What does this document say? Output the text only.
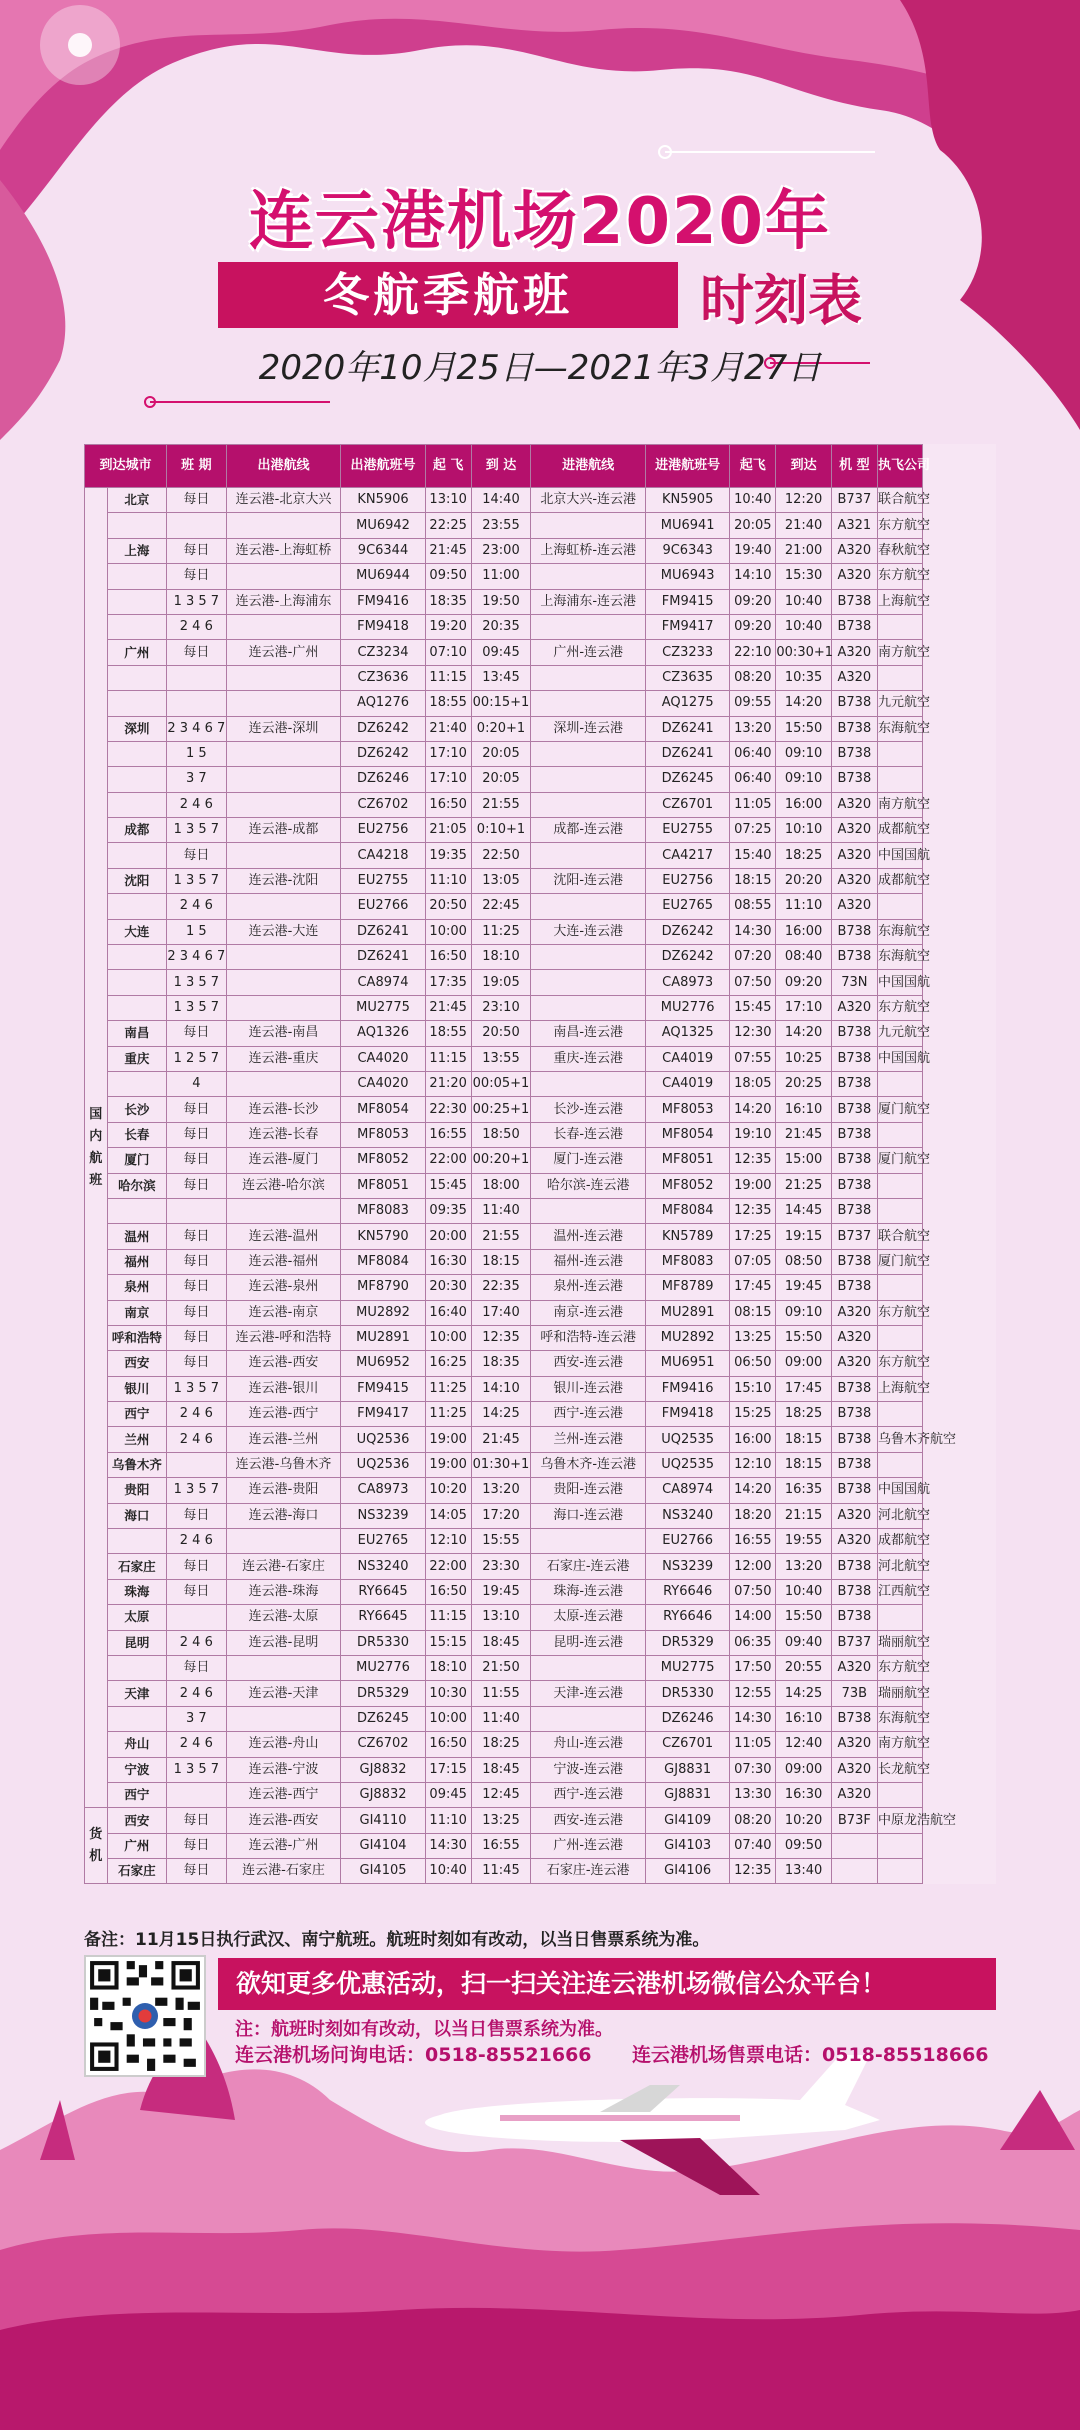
连云港机场2020年
冬航季航班	时刻表
2020年10月25日—2021年3月27日
到达城市		班 期	出港航线	出港航班号	起 飞	到 达	进港航线	进港航班号	起飞	到达	机 型	执飞公司
国内航班	北京	每日	连云港-北京大兴	KN5906	13:10	14:40	北京大兴-连云港	KN5905	10:40	12:20	B737	联合航空
				MU6942	22:25	23:55		MU6941	20:05	21:40	A321	东方航空
	上海	每日	连云港-上海虹桥	9C6344	21:45	23:00	上海虹桥-连云港	9C6343	19:40	21:00	A320	春秋航空
		每日		MU6944	09:50	11:00		MU6943	14:10	15:30	A320	东方航空
		1 3 5 7	连云港-上海浦东	FM9416	18:35	19:50	上海浦东-连云港	FM9415	09:20	10:40	B738	上海航空
		2 4 6		FM9418	19:20	20:35		FM9417	09:20	10:40	B738	
	广州	每日	连云港-广州	CZ3234	07:10	09:45	广州-连云港	CZ3233	22:10	00:30+1	A320	南方航空
				CZ3636	11:15	13:45		CZ3635	08:20	10:35	A320	
				AQ1276	18:55	00:15+1		AQ1275	09:55	14:20	B738	九元航空
	深圳	2 3 4 6 7	连云港-深圳	DZ6242	21:40	0:20+1	深圳-连云港	DZ6241	13:20	15:50	B738	东海航空
		1 5		DZ6242	17:10	20:05		DZ6241	06:40	09:10	B738	
		3 7		DZ6246	17:10	20:05		DZ6245	06:40	09:10	B738	
		2 4 6		CZ6702	16:50	21:55		CZ6701	11:05	16:00	A320	南方航空
	成都	1 3 5 7	连云港-成都	EU2756	21:05	0:10+1	成都-连云港	EU2755	07:25	10:10	A320	成都航空
		每日		CA4218	19:35	22:50		CA4217	15:40	18:25	A320	中国国航
	沈阳	1 3 5 7	连云港-沈阳	EU2755	11:10	13:05	沈阳-连云港	EU2756	18:15	20:20	A320	成都航空
		2 4 6		EU2766	20:50	22:45		EU2765	08:55	11:10	A320	
	大连	1 5	连云港-大连	DZ6241	10:00	11:25	大连-连云港	DZ6242	14:30	16:00	B738	东海航空
		2 3 4 6 7		DZ6241	16:50	18:10		DZ6242	07:20	08:40	B738	东海航空
		1 3 5 7		CA8974	17:35	19:05		CA8973	07:50	09:20	73N	中国国航
		1 3 5 7		MU2775	21:45	23:10		MU2776	15:45	17:10	A320	东方航空
	南昌	每日	连云港-南昌	AQ1326	18:55	20:50	南昌-连云港	AQ1325	12:30	14:20	B738	九元航空
	重庆	1 2 5 7	连云港-重庆	CA4020	11:15	13:55	重庆-连云港	CA4019	07:55	10:25	B738	中国国航
		4		CA4020	21:20	00:05+1		CA4019	18:05	20:25	B738	
	长沙	每日	连云港-长沙	MF8054	22:30	00:25+1	长沙-连云港	MF8053	14:20	16:10	B738	厦门航空
	长春	每日	连云港-长春	MF8053	16:55	18:50	长春-连云港	MF8054	19:10	21:45	B738	
	厦门	每日	连云港-厦门	MF8052	22:00	00:20+1	厦门-连云港	MF8051	12:35	15:00	B738	厦门航空
	哈尔滨	每日	连云港-哈尔滨	MF8051	15:45	18:00	哈尔滨-连云港	MF8052	19:00	21:25	B738	
				MF8083	09:35	11:40		MF8084	12:35	14:45	B738	
	温州	每日	连云港-温州	KN5790	20:00	21:55	温州-连云港	KN5789	17:25	19:15	B737	联合航空
	福州	每日	连云港-福州	MF8084	16:30	18:15	福州-连云港	MF8083	07:05	08:50	B738	厦门航空
	泉州	每日	连云港-泉州	MF8790	20:30	22:35	泉州-连云港	MF8789	17:45	19:45	B738	
	南京	每日	连云港-南京	MU2892	16:40	17:40	南京-连云港	MU2891	08:15	09:10	A320	东方航空
	呼和浩特	每日	连云港-呼和浩特	MU2891	10:00	12:35	呼和浩特-连云港	MU2892	13:25	15:50	A320	
	西安	每日	连云港-西安	MU6952	16:25	18:35	西安-连云港	MU6951	06:50	09:00	A320	东方航空
	银川	1 3 5 7	连云港-银川	FM9415	11:25	14:10	银川-连云港	FM9416	15:10	17:45	B738	上海航空
	西宁	2 4 6	连云港-西宁	FM9417	11:25	14:25	西宁-连云港	FM9418	15:25	18:25	B738	
	兰州	2 4 6	连云港-兰州	UQ2536	19:00	21:45	兰州-连云港	UQ2535	16:00	18:15	B738	乌鲁木齐航空
	乌鲁木齐		连云港-乌鲁木齐	UQ2536	19:00	01:30+1	乌鲁木齐-连云港	UQ2535	12:10	18:15	B738	
	贵阳	1 3 5 7	连云港-贵阳	CA8973	10:20	13:20	贵阳-连云港	CA8974	14:20	16:35	B738	中国国航
	海口	每日	连云港-海口	NS3239	14:05	17:20	海口-连云港	NS3240	18:20	21:15	A320	河北航空
		2 4 6		EU2765	12:10	15:55		EU2766	16:55	19:55	A320	成都航空
	石家庄	每日	连云港-石家庄	NS3240	22:00	23:30	石家庄-连云港	NS3239	12:00	13:20	B738	河北航空
	珠海	每日	连云港-珠海	RY6645	16:50	19:45	珠海-连云港	RY6646	07:50	10:40	B738	江西航空
	太原		连云港-太原	RY6645	11:15	13:10	太原-连云港	RY6646	14:00	15:50	B738	
	昆明	2 4 6	连云港-昆明	DR5330	15:15	18:45	昆明-连云港	DR5329	06:35	09:40	B737	瑞丽航空
		每日		MU2776	18:10	21:50		MU2775	17:50	20:55	A320	东方航空
	天津	2 4 6	连云港-天津	DR5329	10:30	11:55	天津-连云港	DR5330	12:55	14:25	73B	瑞丽航空
		3 7		DZ6245	10:00	11:40		DZ6246	14:30	16:10	B738	东海航空
	舟山	2 4 6	连云港-舟山	CZ6702	16:50	18:25	舟山-连云港	CZ6701	11:05	12:40	A320	南方航空
	宁波	1 3 5 7	连云港-宁波	GJ8832	17:15	18:45	宁波-连云港	GJ8831	07:30	09:00	A320	长龙航空
	西宁		连云港-西宁	GJ8832	09:45	12:45	西宁-连云港	GJ8831	13:30	16:30	A320	
货机	西安	每日	连云港-西安	GI4110	11:10	13:25	西安-连云港	GI4109	08:20	10:20	B73F	中原龙浩航空
	广州	每日	连云港-广州	GI4104	14:30	16:55	广州-连云港	GI4103	07:40	09:50		
	石家庄	每日	连云港-石家庄	GI4105	10:40	11:45	石家庄-连云港	GI4106	12:35	13:40		
备注：11月15日执行武汉、南宁航班。航班时刻如有改动，以当日售票系统为准。
欲知更多优惠活动，扫一扫关注连云港机场微信公众平台！
注：航班时刻如有改动，以当日售票系统为准。
连云港机场问询电话：0518-85521666 连云港机场售票电话：0518-85518666
